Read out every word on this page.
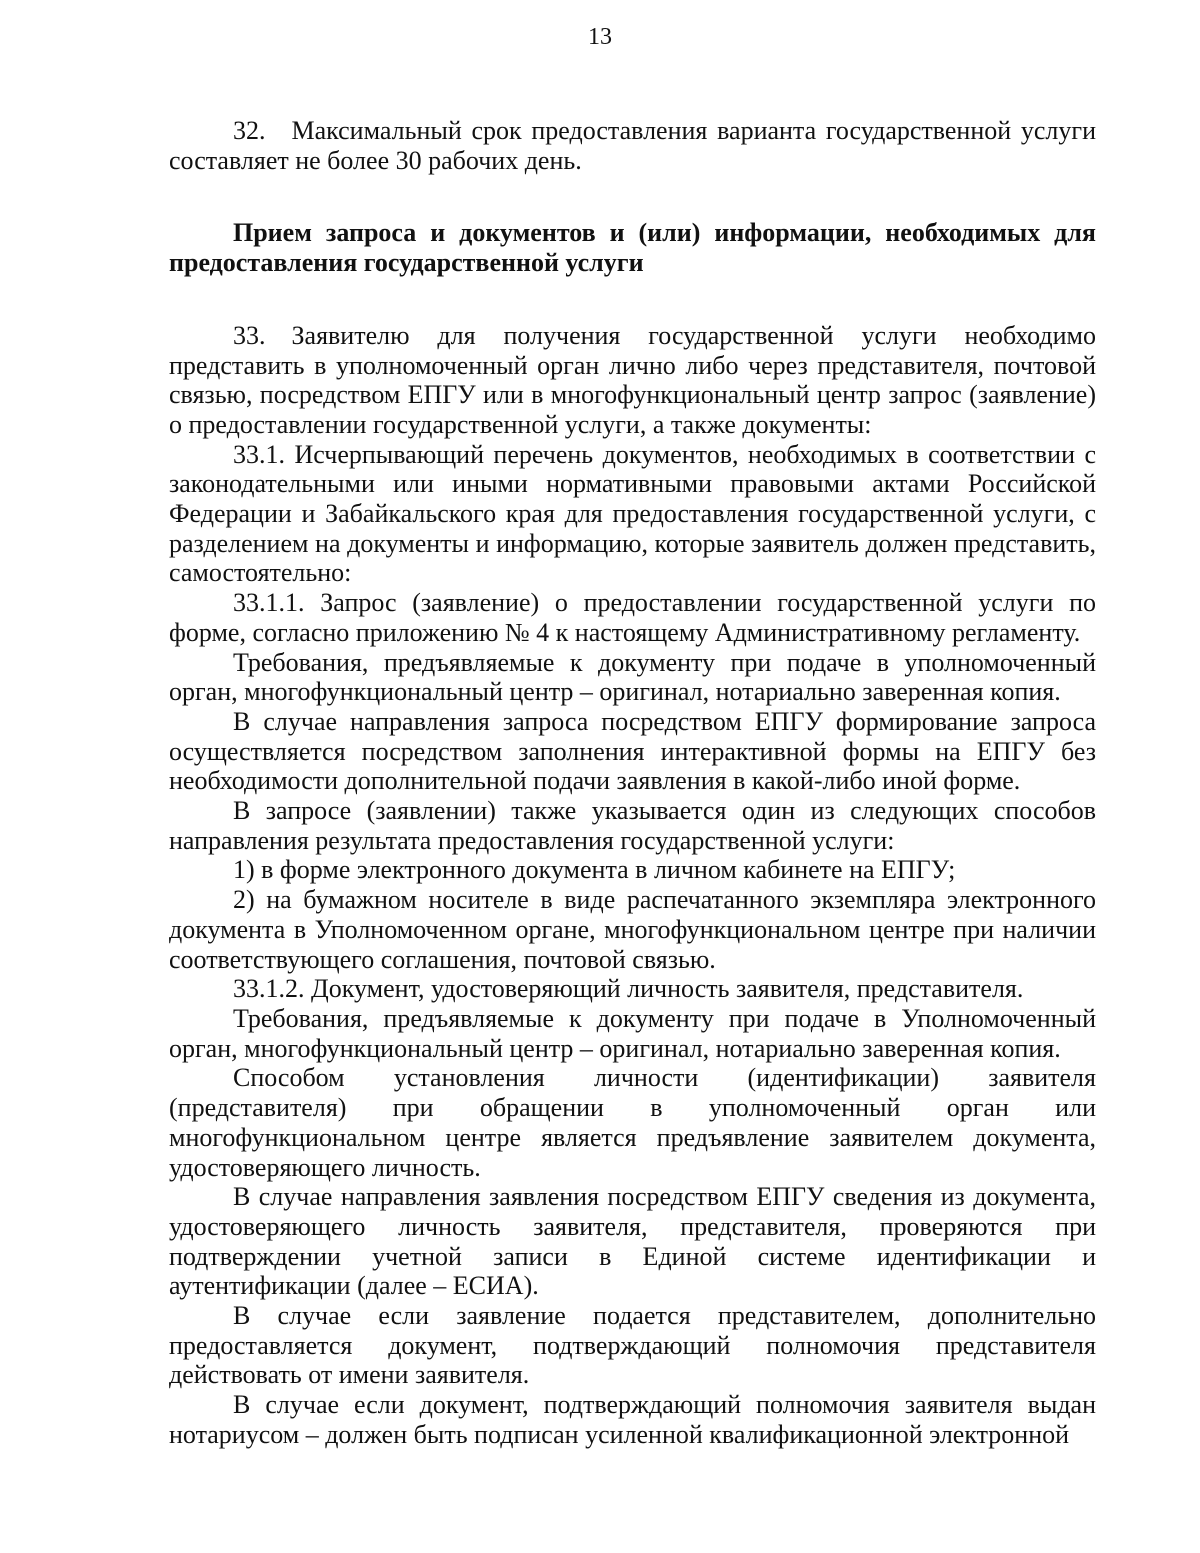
13

32. Максимальный срок предоставления варианта государственной услуги составляет не более 30 рабочих день.

Прием запроса и документов и (или) информации, необходимых для предоставления государственной услуги

33. Заявителю для получения государственной услуги необходимо представить в уполномоченный орган лично либо через представителя, почтовой связью, посредством ЕПГУ или в многофункциональный центр запрос (заявление) о предоставлении государственной услуги, а также документы:

33.1. Исчерпывающий перечень документов, необходимых в соответствии с законодательными или иными нормативными правовыми актами Российской Федерации и Забайкальского края для предоставления государственной услуги, с разделением на документы и информацию, которые заявитель должен представить, самостоятельно:

33.1.1. Запрос (заявление) о предоставлении государственной услуги по форме, согласно приложению № 4 к настоящему Административному регламенту.

Требования, предъявляемые к документу при подаче в уполномоченный орган, многофункциональный центр – оригинал, нотариально заверенная копия.

В случае направления запроса посредством ЕПГУ формирование запроса осуществляется посредством заполнения интерактивной формы на ЕПГУ без необходимости дополнительной подачи заявления в какой-либо иной форме.

В запросе (заявлении) также указывается один из следующих способов направления результата предоставления государственной услуги:

1) в форме электронного документа в личном кабинете на ЕПГУ;

2) на бумажном носителе в виде распечатанного экземпляра электронного документа в Уполномоченном органе, многофункциональном центре при наличии соответствующего соглашения, почтовой связью.

33.1.2. Документ, удостоверяющий личность заявителя, представителя.

Требования, предъявляемые к документу при подаче в Уполномоченный орган, многофункциональный центр – оригинал, нотариально заверенная копия.

Способом установления личности (идентификации) заявителя (представителя) при обращении в уполномоченный орган или многофункциональном центре является предъявление заявителем документа, удостоверяющего личность.

В случае направления заявления посредством ЕПГУ сведения из документа, удостоверяющего личность заявителя, представителя, проверяются при подтверждении учетной записи в Единой системе идентификации и аутентификации (далее – ЕСИА).

В случае если заявление подается представителем, дополнительно предоставляется документ, подтверждающий полномочия представителя действовать от имени заявителя.

В случае если документ, подтверждающий полномочия заявителя выдан нотариусом – должен быть подписан усиленной квалификационной электронной
